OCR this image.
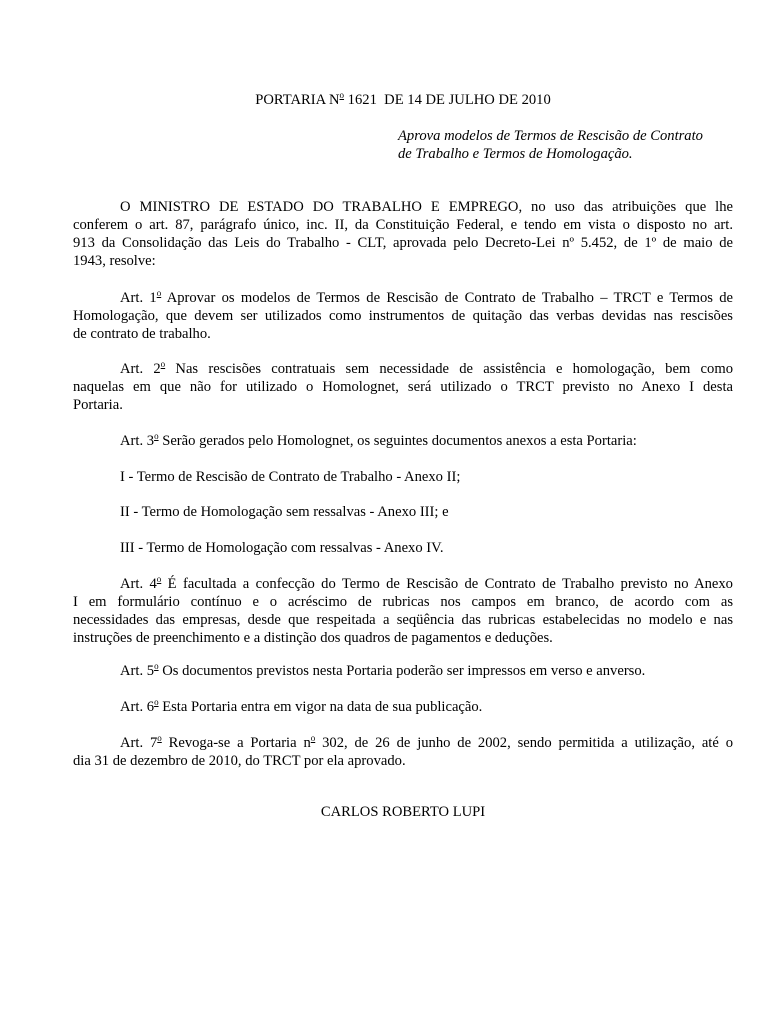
PORTARIA $N^o$ 1621  DE 14 DE JULHO DE 2010
Aprova modelos de Termos de Rescisão de Contrato
de Trabalho e Termos de Homologação.
O MINISTRO DE ESTADO DO TRABALHO E EMPREGO, no uso das atribuições que lhe
conferem o art. 87, parágrafo único, inc. II, da Constituição Federal, e tendo em vista o disposto no art.
913 da Consolidação das Leis do Trabalho - CLT, aprovada pelo Decreto-Lei nº 5.452, de 1º de maio de
1943, resolve:
Art. 1$^o$ Aprovar os modelos de Termos de Rescisão de Contrato de Trabalho – TRCT e Termos de
Homologação, que devem ser utilizados como instrumentos de quitação das verbas devidas nas rescisões
de contrato de trabalho.
Art. 2$^o$ Nas rescisões contratuais sem necessidade de assistência e homologação, bem como
naquelas em que não for utilizado o Homolognet, será utilizado o TRCT previsto no Anexo I desta
Portaria.
Art. 3$^o$ Serão gerados pelo Homolognet, os seguintes documentos anexos a esta Portaria:
I - Termo de Rescisão de Contrato de Trabalho - Anexo II;
II - Termo de Homologação sem ressalvas - Anexo III; e
III - Termo de Homologação com ressalvas - Anexo IV.
Art. 4$^o$ É facultada a confecção do Termo de Rescisão de Contrato de Trabalho previsto no Anexo
I em formulário contínuo e o acréscimo de rubricas nos campos em branco, de acordo com as
necessidades das empresas, desde que respeitada a seqüência das rubricas estabelecidas no modelo e nas
instruções de preenchimento e a distinção dos quadros de pagamentos e deduções.
Art. 5$^o$ Os documentos previstos nesta Portaria poderão ser impressos em verso e anverso.
Art. 6$^o$ Esta Portaria entra em vigor na data de sua publicação.
Art. 7$^o$ Revoga-se a Portaria $n^o$ 302, de 26 de junho de 2002, sendo permitida a utilização, até o
dia 31 de dezembro de 2010, do TRCT por ela aprovado.
CARLOS ROBERTO LUPI
